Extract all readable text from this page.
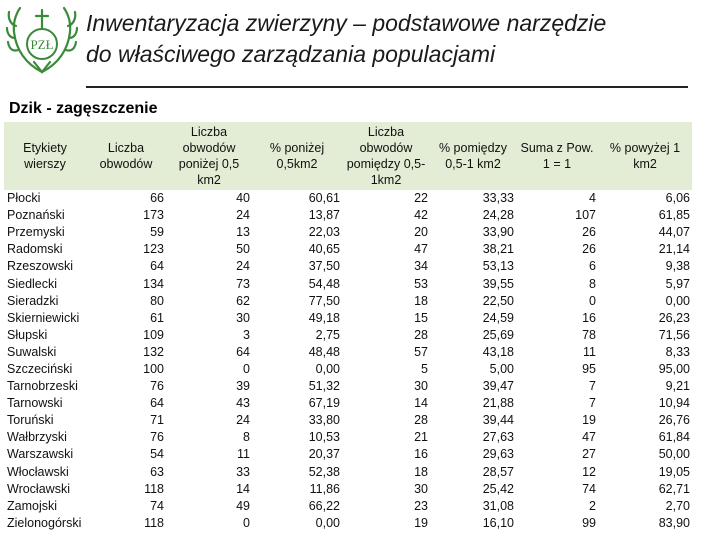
PZŁ
Inwentaryzacja zwierzyny – podstawowe narzędzie
do właściwego zarządzania populacjami
Dzik - zagęszczenie
Etykiety wierszy	Liczba obwodów	Liczba obwodów poniżej 0,5 km2	% poniżej 0,5km2	Liczba obwodów pomiędzy 0,5-1km2	% pomiędzy 0,5-1 km2	Suma z Pow. 1 = 1	% powyżej 1 km2
Płocki	66	40	60,61	22	33,33	4	6,06
Poznański	173	24	13,87	42	24,28	107	61,85
Przemyski	59	13	22,03	20	33,90	26	44,07
Radomski	123	50	40,65	47	38,21	26	21,14
Rzeszowski	64	24	37,50	34	53,13	6	9,38
Siedlecki	134	73	54,48	53	39,55	8	5,97
Sieradzki	80	62	77,50	18	22,50	0	0,00
Skierniewicki	61	30	49,18	15	24,59	16	26,23
Słupski	109	3	2,75	28	25,69	78	71,56
Suwalski	132	64	48,48	57	43,18	11	8,33
Szczeciński	100	0	0,00	5	5,00	95	95,00
Tarnobrzeski	76	39	51,32	30	39,47	7	9,21
Tarnowski	64	43	67,19	14	21,88	7	10,94
Toruński	71	24	33,80	28	39,44	19	26,76
Wałbrzyski	76	8	10,53	21	27,63	47	61,84
Warszawski	54	11	20,37	16	29,63	27	50,00
Włocławski	63	33	52,38	18	28,57	12	19,05
Wrocławski	118	14	11,86	30	25,42	74	62,71
Zamojski	74	49	66,22	23	31,08	2	2,70
Zielonogórski	118	0	0,00	19	16,10	99	83,90
